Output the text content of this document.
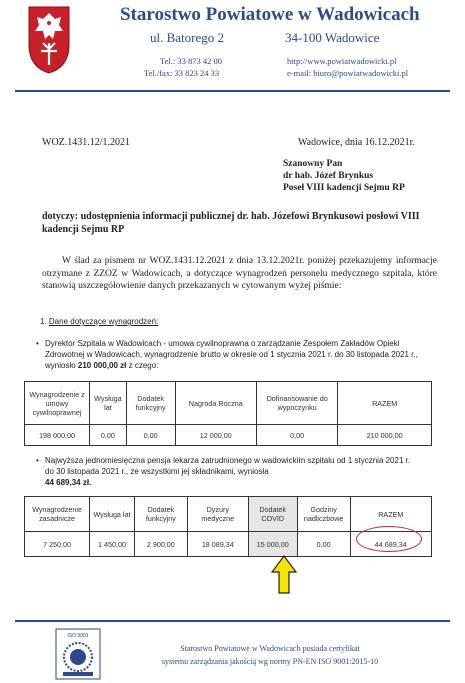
Starostwo Powiatowe w Wadowicach
ul. Batorego 2	34-100 Wadowice
Tel.: 33 873 42 00
Tel./fax: 33 823 24 33
http://www.powiatwadowicki.pl
e-mail: biuro@powiatwadowicki.pl
WOZ.1431.12/1.2021	Wadowice, dnia 16.12.2021r.
Szanowny Pan
dr hab. Józef Brynkus
Poseł VIII kadencji Sejmu RP
dotyczy: udostępnienia informacji publicznej dr. hab. Józefowi Brynkusowi posłowi VIII kadencji Sejmu RP
W ślad za pismem nr WOZ.1431.12.2021 z dnia 13.12.2021r. poniżej przekazujemy informacje otrzymane z ZZOZ w Wadowicach, a dotyczące wynagrodzeń personelu medycznego szpitala, które stanowią uszczegółowienie danych przekazanych w cytowanym wyżej piśmie:
1. Dane dotyczące wynagrodzeń:
• Dyrektor Szpitala w Wadowicach - umowa cywilnoprawna o zarządzanie Zespołem Zakładów Opieki Zdrowotnej w Wadowicach, wynagrodzenie brutto w okresie od 1 stycznia 2021 r. do 30 listopada 2021 r., wyniosło 210 000,00 zł z czego:
Wynagrodzenie z umowy cywilnoprawnej	Wysługa lat	Dodatek funkcyjny	Nagroda Roczna	Dofinansowanie do wypoczynku	RAZEM
198 000,00	0,00	0,00	12 000,00	0,00	210 000,00
• Najwyższa jednomiesięczna pensja lekarza zatrudnionego w wadowickim szpitalu od 1 stycznia 2021 r. do 30 listopada 2021 r., ze wszystkimi jej składnikami, wyniosła
44 689,34 zł.
Wynagrodzenie zasadnicze	Wysługa lat	Dodatek funkcyjny	Dyżury medyczne	Dodatek COVID	Godziny nadliczbowe	RAZEM
7 250,00	1 450,00	2 900,00	18 089,34	15 000,00	0,00	44 689,34
ISO 9001
Starostwo Powiatowe w Wadowicach posiada certyfikat
systemu zarządzania jakością wg normy PN-EN ISO 9001:2015-10
